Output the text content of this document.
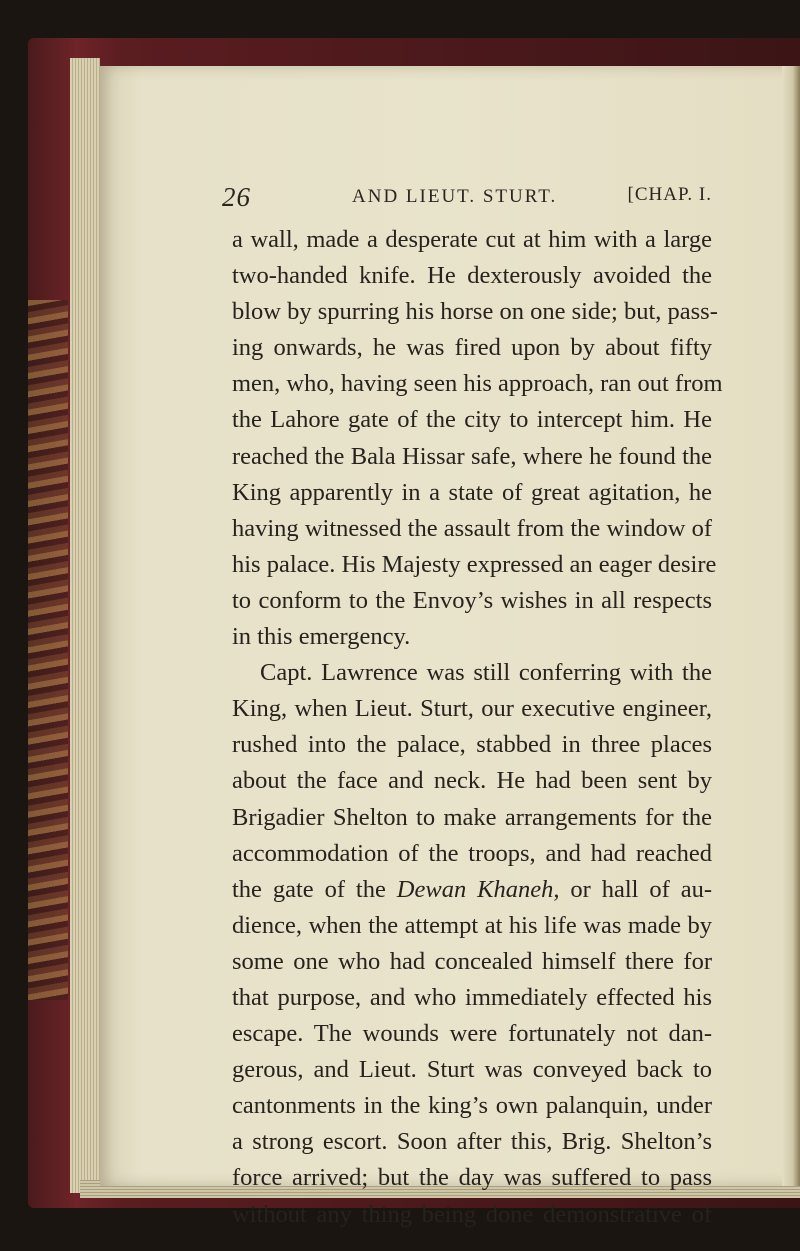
26	AND LIEUT. STURT.	[CHAP. I.
a wall, made a desperate cut at him with a large
two-handed knife. He dexterously avoided the
blow by spurring his horse on one side; but, pass-
ing onwards, he was fired upon by about fifty
men, who, having seen his approach, ran out from
the Lahore gate of the city to intercept him. He
reached the Bala Hissar safe, where he found the
King apparently in a state of great agitation, he
having witnessed the assault from the window of
his palace. His Majesty expressed an eager desire
to conform to the Envoy’s wishes in all respects
in this emergency.
Capt. Lawrence was still conferring with the
King, when Lieut. Sturt, our executive engineer,
rushed into the palace, stabbed in three places
about the face and neck. He had been sent by
Brigadier Shelton to make arrangements for the
accommodation of the troops, and had reached
the gate of the Dewan Khaneh, or hall of au-
dience, when the attempt at his life was made by
some one who had concealed himself there for
that purpose, and who immediately effected his
escape. The wounds were fortunately not dan-
gerous, and Lieut. Sturt was conveyed back to
cantonments in the king’s own palanquin, under
a strong escort. Soon after this, Brig. Shelton’s
force arrived; but the day was suffered to pass
without any thing being done demonstrative of
